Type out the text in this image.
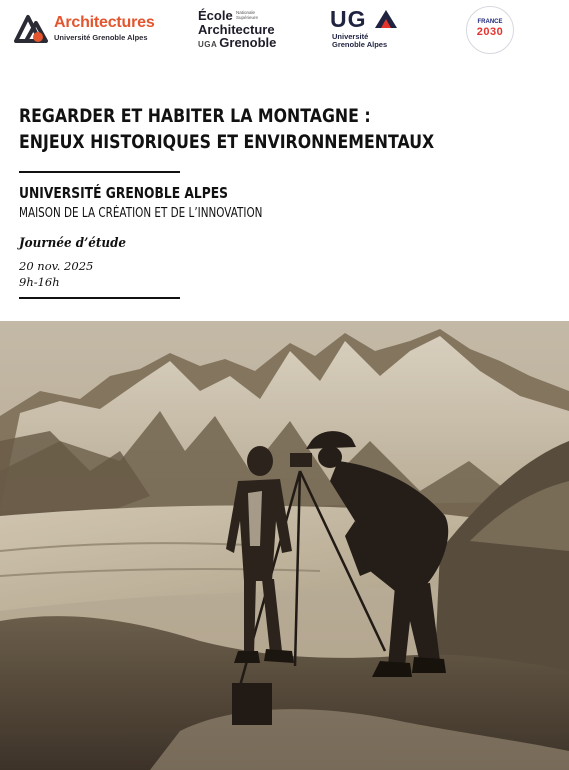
Architectures
Université Grenoble Alpes
École Nationale
Supérieure
Architecture
UGA Grenoble
UG
Université
Grenoble Alpes
FRANCE
2030
REGARDER ET HABITER LA MONTAGNE :
ENJEUX HISTORIQUES ET ENVIRONNEMENTAUX
UNIVERSITÉ GRENOBLE ALPES
MAISON DE LA CRÉATION ET DE L’INNOVATION
Journée d’étude
20 nov. 2025
9h-16h
